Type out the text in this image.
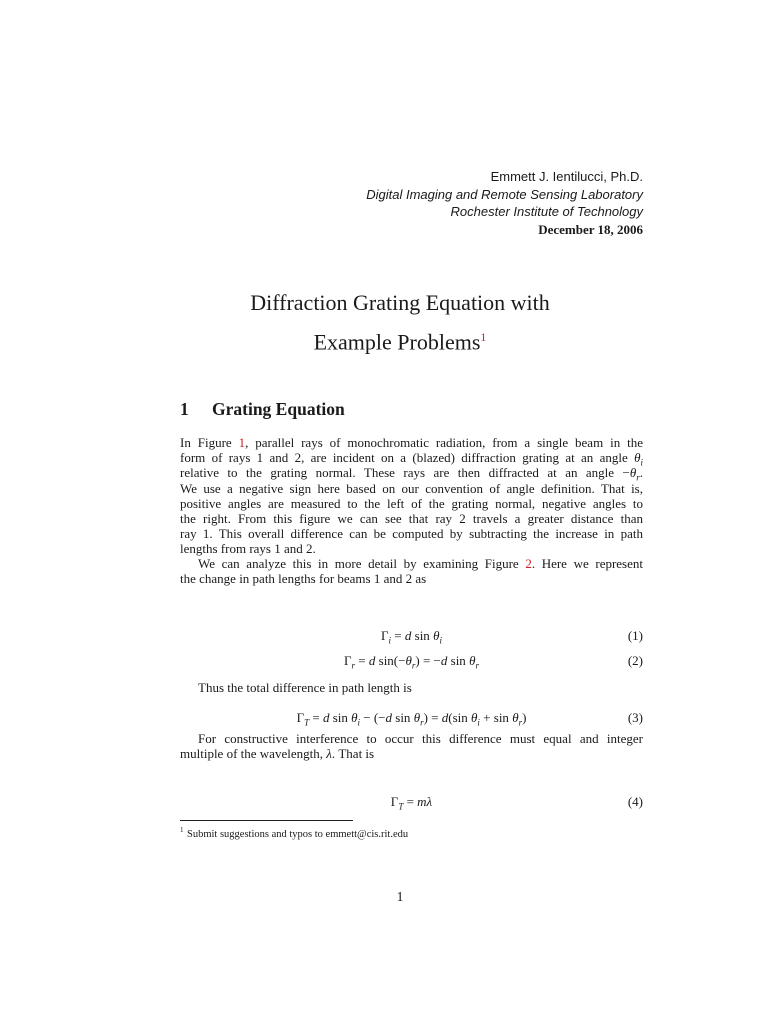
Emmett J. Ientilucci, Ph.D.
Digital Imaging and Remote Sensing Laboratory
Rochester Institute of Technology
December 18, 2006
Diffraction Grating Equation with
Example Problems$^1$
1 Grating Equation
In Figure 1, parallel rays of monochromatic radiation, from a single beam in the
form of rays 1 and 2, are incident on a (blazed) diffraction grating at an angle $\theta_i$
relative to the grating normal. These rays are then diffracted at an angle $-\theta_r$.
We use a negative sign here based on our convention of angle definition. That is,
positive angles are measured to the left of the grating normal, negative angles to
the right. From this figure we can see that ray 2 travels a greater distance than
ray 1. This overall difference can be computed by subtracting the increase in path
lengths from rays 1 and 2.
We can analyze this in more detail by examining Figure 2. Here we represent
the change in path lengths for beams 1 and 2 as
$\Gamma_i = d$ $\sin \theta_i$	(1)
$\Gamma_r = d$ $\sin(-\theta_r) = -d$ $\sin \theta_r$	(2)
Thus the total difference in path length is
$\Gamma_T = d$ $\sin \theta_i - (-d$ $\sin \theta_r) = d(\sin$ $\theta_i + \sin \theta_r$)	(3)
For constructive interference to occur this difference must equal and integer
multiple of the wavelength, λ. That is
$\Gamma_T = m\lambda$	(4)
1 Submit suggestions and typos to emmett@cis.rit.edu
1
